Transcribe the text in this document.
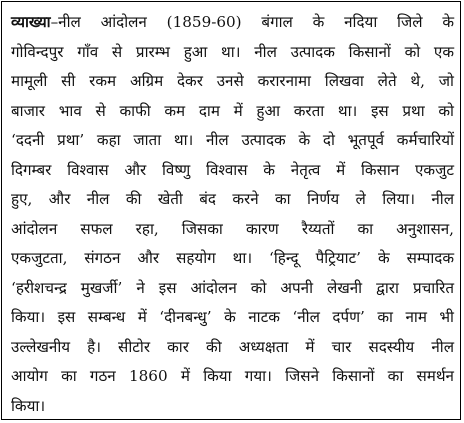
व्याख्या–नील आंदोलन (1859-60) बंगाल के नदिया जिले के
गोविन्दपुर गाँव से प्रारम्भ हुआ था। नील उत्पादक किसानों को एक
मामूली सी रकम अग्रिम देकर उनसे करारनामा लिखवा लेते थे, जो
बाजार भाव से काफी कम दाम में हुआ करता था। इस प्रथा को
‘ददनी प्रथा’ कहा जाता था। नील उत्पादक के दो भूतपूर्व कर्मचारियों
दिगम्बर विश्वास और विष्णु विश्वास के नेतृत्व में किसान एकजुट
हुए, और नील की खेती बंद करने का निर्णय ले लिया। नील
आंदोलन सफल रहा, जिसका कारण रैय्यतों का अनुशासन,
एकजुटता, संगठन और सहयोग था। ‘हिन्दू पैट्रियाट’ के सम्पादक
‘हरीशचन्द्र मुखर्जी’ ने इस आंदोलन को अपनी लेखनी द्वारा प्रचारित
किया। इस सम्बन्ध में ‘दीनबन्धु’ के नाटक ‘नील दर्पण’ का नाम भी
उल्लेखनीय है। सीटोर कार की अध्यक्षता में चार सदस्यीय नील
आयोग का गठन 1860 में किया गया। जिसने किसानों का समर्थन
किया।
